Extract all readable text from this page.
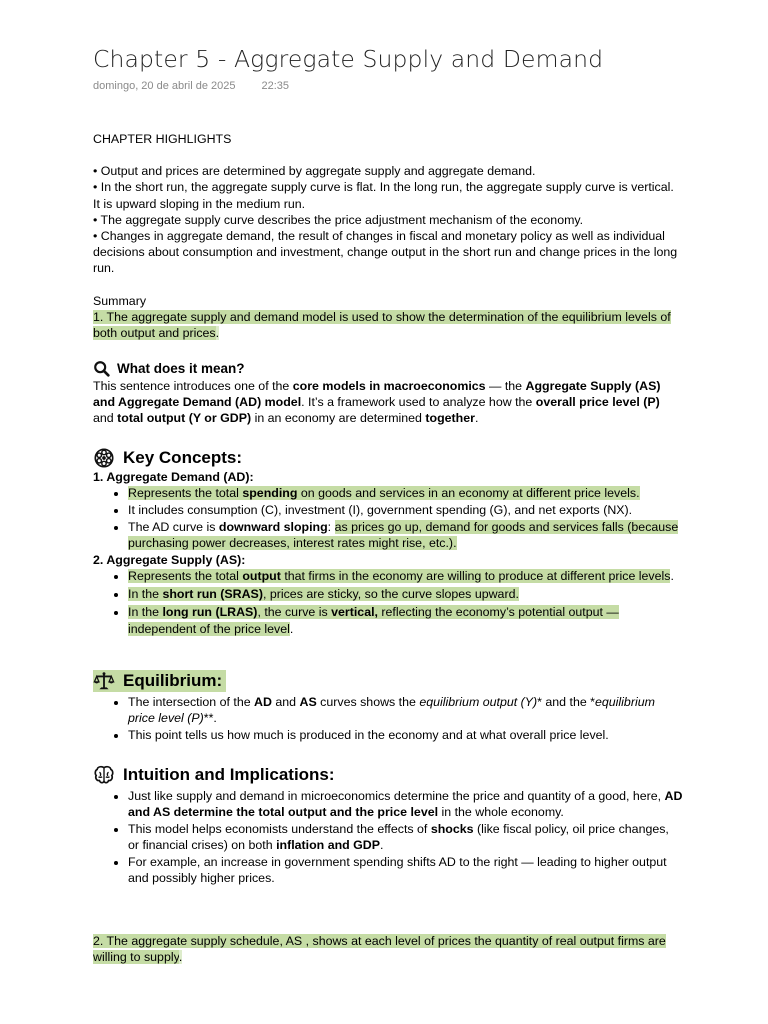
Chapter 5 - Aggregate Supply and Demand
domingo, 20 de abril de 2025 22:35

CHAPTER HIGHLIGHTS

• Output and prices are determined by aggregate supply and aggregate demand.

• In the short run, the aggregate supply curve is flat. In the long run, the aggregate supply curve is vertical. It is upward sloping in the medium run.

• The aggregate supply curve describes the price adjustment mechanism of the economy.

• Changes in aggregate demand, the result of changes in fiscal and monetary policy as well as individual decisions about consumption and investment, change output in the short run and change prices in the long run.

Summary

1. The aggregate supply and demand model is used to show the determination of the equilibrium levels of both output and prices.

What does it mean?

This sentence introduces one of the core models in macroeconomics — the Aggregate Supply (AS) and Aggregate Demand (AD) model. It’s a framework used to analyze how the overall price level (P) and total output (Y or GDP) in an economy are determined together.

Key Concepts:

1. Aggregate Demand (AD):

• Represents the total spending on goods and services in an economy at different price levels.
• It includes consumption (C), investment (I), government spending (G), and net exports (NX).
• The AD curve is downward sloping: as prices go up, demand for goods and services falls (because purchasing power decreases, interest rates might rise, etc.).

2. Aggregate Supply (AS):

• Represents the total output that firms in the economy are willing to produce at different price levels.
• In the short run (SRAS), prices are sticky, so the curve slopes upward.
• In the long run (LRAS), the curve is vertical, reflecting the economy’s potential output — independent of the price level.
Equilibrium:
• The intersection of the AD and AS curves shows the equilibrium output (Y)* and the *equilibrium price level (P)**.
• This point tells us how much is produced in the economy and at what overall price level.
Intuition and Implications:
• Just like supply and demand in microeconomics determine the price and quantity of a good, here, AD and AS determine the total output and the price level in the whole economy.
• This model helps economists understand the effects of shocks (like fiscal policy, oil price changes, or financial crises) on both inflation and GDP.
• For example, an increase in government spending shifts AD to the right — leading to higher output and possibly higher prices.

2. The aggregate supply schedule, AS , shows at each level of prices the quantity of real output firms are willing to supply.
